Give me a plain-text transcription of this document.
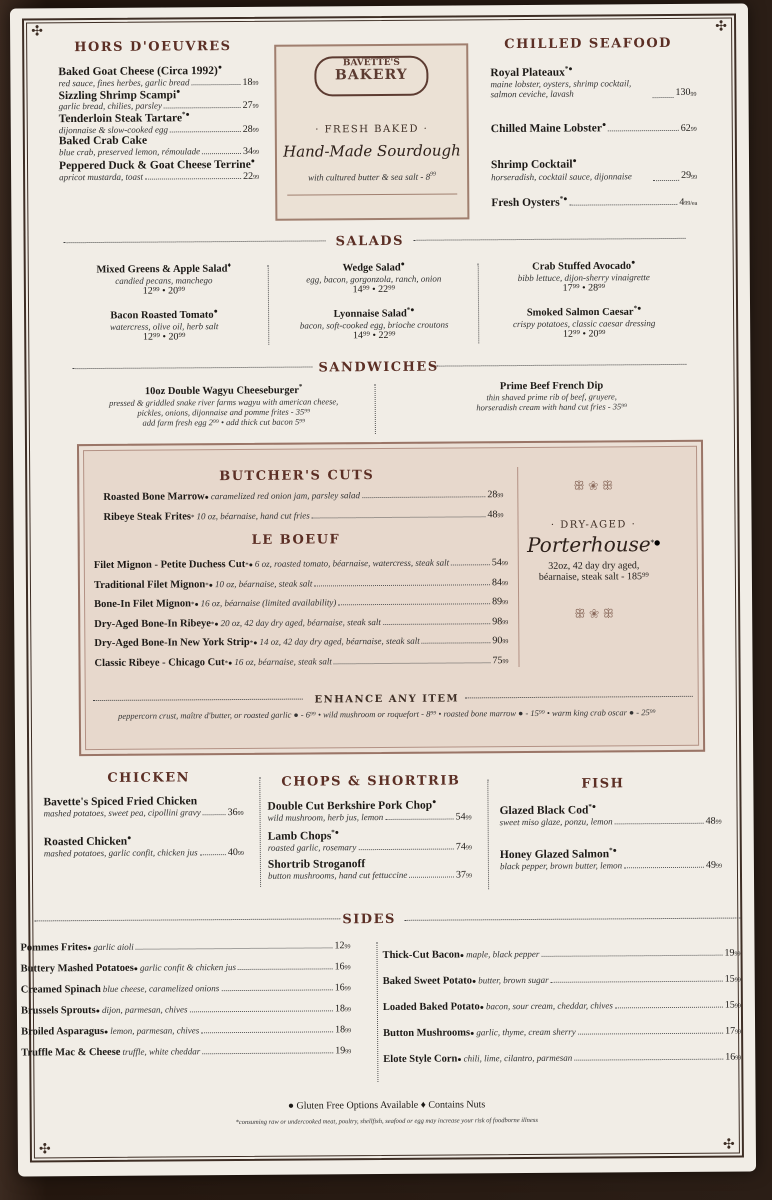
✣	✣
✣	✣
HORS D'OEUVRES
Baked Goat Cheese (Circa 1992)●
red sauce, fines herbes, garlic bread	18 99
Sizzling Shrimp Scampi●
garlic bread, chilies, parsley	27 99
Tenderloin Steak Tartare*●
dijonnaise & slow-cooked egg	28 99
Baked Crab Cake
blue crab, preserved lemon, rémoulade	34 99
Peppered Duck & Goat Cheese Terrine●
apricot mustarda, toast	22 99
BAVETTE'S
BAKERY
· FRESH BAKED ·
Hand-Made Sourdough
with cultured butter & sea salt - $8^{99}$
CHILLED SEAFOOD
Royal Plateaux*●
maine lobster, oysters, shrimp cocktail, salmon ceviche, lavash	130 99
Chilled Maine Lobster●	62 99
Shrimp Cocktail●
horseradish, cocktail sauce, dijonnaise	29 99
Fresh Oysters*●	4 99/ea
SALADS
Mixed Greens & Apple Salad♦
candied pecans, manchego
12⁹⁹ • 20⁹⁹
Wedge Salad●
egg, bacon, gorgonzola, ranch, onion
14⁹⁹ • 22⁹⁹
Crab Stuffed Avocado●
bibb lettuce, dijon-sherry vinaigrette
17⁹⁹ • 28⁹⁹
Bacon Roasted Tomato●
watercress, olive oil, herb salt
12⁹⁹ • 20⁹⁹
Lyonnaise Salad*●
bacon, soft-cooked egg, brioche croutons
14⁹⁹ • 22⁹⁹
Smoked Salmon Caesar*●
crispy potatoes, classic caesar dressing
12⁹⁹ • 20⁹⁹
SANDWICHES
10oz Double Wagyu Cheeseburger*
pressed & griddled snake river farms wagyu with american cheese,
pickles, onions, dijonnaise and pomme frites - 35⁹⁹
add farm fresh egg 2⁹⁹ • add thick cut bacon 5⁹⁹
Prime Beef French Dip
thin shaved prime rib of beef, gruyere,
horseradish cream with hand cut fries - 35⁹⁹
BUTCHER'S CUTS
Roasted Bone Marrow ● caramelized red onion jam, parsley salad	28 99
Ribeye Steak Frites * 10 oz, béarnaise, hand cut fries	48 99
LE BOEUF
Filet Mignon - Petite Duchess Cut *● 6 oz, roasted tomato, béarnaise, watercress, steak salt	54 99
Traditional Filet Mignon *● 10 oz, béarnaise, steak salt	84 99
Bone-In Filet Mignon *● 16 oz, béarnaise (limited availability)	89 99
Dry-Aged Bone-In Ribeye *● 20 oz, 42 day dry aged, béarnaise, steak salt	98 99
Dry-Aged Bone-In New York Strip *● 14 oz, 42 day dry aged, béarnaise, steak salt	90 99
Classic Ribeye - Chicago Cut *● 16 oz, béarnaise, steak salt	75 99
ꕥ ❀ ꕥ
· DRY-AGED ·
Porterhouse*●
32oz, 42 day dry aged,
béarnaise, steak salt - 185⁹⁹
ꕥ ❀ ꕥ
ENHANCE ANY ITEM
peppercorn crust, maître d'butter, or roasted garlic ● - 6⁹⁹ • wild mushroom or roquefort - 8⁹⁹ • roasted bone marrow ● - 15⁹⁹ • warm king crab oscar ● - 25⁹⁹
CHICKEN
Bavette's Spiced Fried Chicken
mashed potatoes, sweet pea, cipollini gravy	36 99
Roasted Chicken●
mashed potatoes, garlic confit, chicken jus	40 99
CHOPS & SHORTRIB
Double Cut Berkshire Pork Chop●
wild mushroom, herb jus, lemon	54 99
Lamb Chops*●
roasted garlic, rosemary	74 99
Shortrib Stroganoff
button mushrooms, hand cut fettuccine	37 99
FISH
Glazed Black Cod*●
sweet miso glaze, ponzu, lemon	48 99
Honey Glazed Salmon*●
black pepper, brown butter, lemon	49 99
SIDES
Pommes Frites ● garlic aioli	12 99
Buttery Mashed Potatoes ● garlic confit & chicken jus	16 99
Creamed Spinach blue cheese, caramelized onions	16 99
Brussels Sprouts ● dijon, parmesan, chives	18 99
Broiled Asparagus ● lemon, parmesan, chives	18 99
Truffle Mac & Cheese truffle, white cheddar	19 99
Thick-Cut Bacon ● maple, black pepper	19 99
Baked Sweet Potato ● butter, brown sugar	15 99
Loaded Baked Potato ● bacon, sour cream, cheddar, chives	15 99
Button Mushrooms ● garlic, thyme, cream sherry	17 99
Elote Style Corn ● chili, lime, cilantro, parmesan	16 99
● Gluten Free Options Available ♦ Contains Nuts
*consuming raw or undercooked meat, poultry, shellfish, seafood or egg may increase your risk of foodborne illness
